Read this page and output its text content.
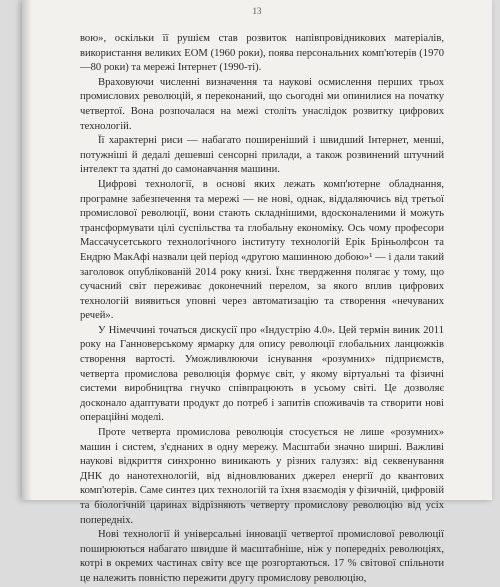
13

вою», оскільки її рушієм став розвиток напівпровідникових матеріалів, використання великих ЕОМ (1960 роки), поява персональних комп'ютерів (1970—80 роки) та мережі Інтернет (1990-ті).

Враховуючи численні визначення та наукові осмислення перших трьох промислових революцій, я переконаний, що сьогодні ми опинилися на початку четвертої. Вона розпочалася на межі століть унаслідок розвитку цифрових технологій.

Її характерні риси — набагато поширеніший і швидший Інтернет, менші, потужніші й дедалі дешевші сенсорні прилади, а також розвинений штучний інтелект та здатні до самонавчання машини.

Цифрові технології, в основі яких лежать комп'ютерне обладнання, програмне забезпечення та мережі — не нові, однак, віддаляючись від третьої промислової революції, вони стають складнішими, вдосконаленими й можуть трансформувати цілі суспільства та глобальну економіку. Ось чому професори Массачусетського технологічного інституту технологій Ерік Бріньолфсон та Ендрю МакАфі назвали цей період «другою машинною добою»¹ — і дали такий заголовок опублікованій 2014 року книзі. Їхнє твердження полягає у тому, що сучасний світ переживає доконечний перелом, за якого вплив цифрових технологій виявиться уповні через автоматизацію та створення «нечуваних речей».

У Німеччині точаться дискусії про «Індустрію 4.0». Цей термін виник 2011 року на Ганноверському ярмарку для опису революції глобальних ланцюжків створення вартості. Уможливлюючи існування «розумних» підприємств, четверта промислова революція формує світ, у якому віртуальні та фізичні системи виробництва гнучко співпрацюють в усьому світі. Це дозволяє досконало адаптувати продукт до потреб і запитів споживачів та створити нові операційні моделі.

Проте четверта промислова революція стосується не лише «розумних» машин і систем, з'єднаних в одну мережу. Масштаби значно ширші. Важливі наукові відкриття синхронно виникають у різних галузях: від секвенування ДНК до нанотехнологій, від відновлюваних джерел енергії до квантових комп'ютерів. Саме синтез цих технологій та їхня взаємодія у фізичній, цифровій та біологічній царинах відрізняють четверту промислову революцію від усіх попередніх.

Нові технології й універсальні інновації четвертої промислової революції поширюються набагато швидше й масштабніше, ніж у попередніх революціях, котрі в окремих частинах світу все ще розгортаються. 17 % світової спільноти це належить повністю пережити другу промислову революцію,
